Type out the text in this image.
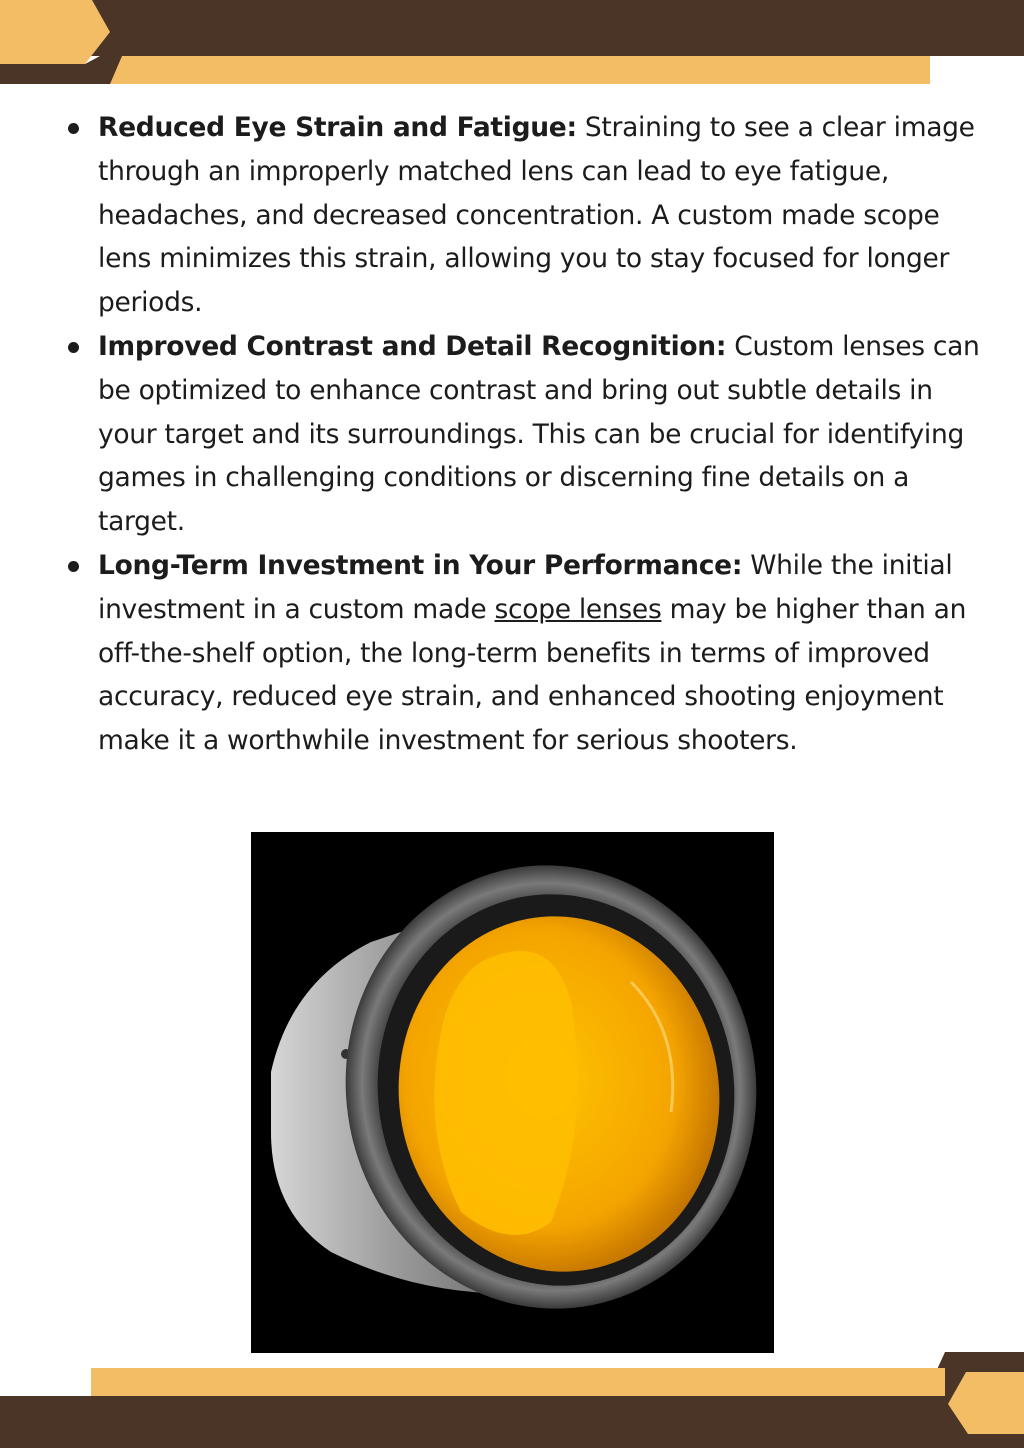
Reduced Eye Strain and Fatigue: Straining to see a clear image through an improperly matched lens can lead to eye fatigue, headaches, and decreased concentration. A custom made scope lens minimizes this strain, allowing you to stay focused for longer periods.
Improved Contrast and Detail Recognition: Custom lenses can be optimized to enhance contrast and bring out subtle details in your target and its surroundings. This can be crucial for identifying games in challenging conditions or discerning fine details on a target.
Long-Term Investment in Your Performance: While the initial investment in a custom made scope lenses may be higher than an off-the-shelf option, the long-term benefits in terms of improved accuracy, reduced eye strain, and enhanced shooting enjoyment make it a worthwhile investment for serious shooters.
